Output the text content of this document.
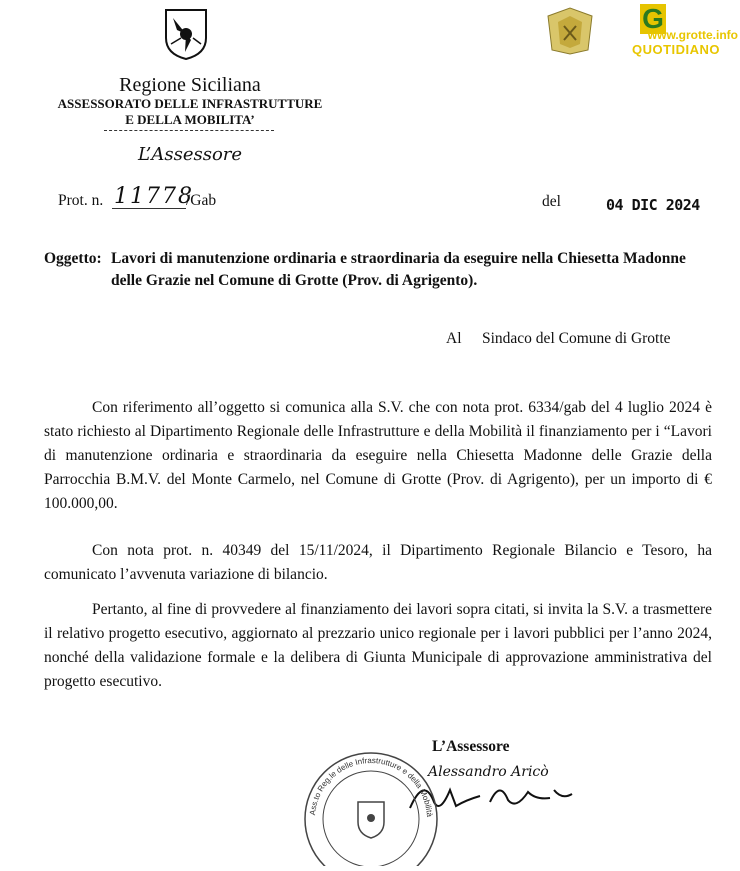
G
www.grotte.info
QUOTIDIANO
Regione Siciliana
ASSESSORATO DELLE INFRASTRUTTURE
E DELLA MOBILITA’
L’Assessore
Prot. n. 11778
/Gab	del	04 DIC 2024
Oggetto: Lavori di manutenzione ordinaria e straordinaria da eseguire nella Chiesetta Madonne
delle Grazie nel Comune di Grotte (Prov. di Agrigento).
Al Sindaco del Comune di Grotte
Con riferimento all’oggetto si comunica alla S.V. che con nota prot. 6334/gab del 4 luglio 2024 è stato richiesto al Dipartimento Regionale delle Infrastrutture e della Mobilità il finanziamento per i “Lavori di manutenzione ordinaria e straordinaria da eseguire nella Chiesetta Madonne delle Grazie della Parrocchia B.M.V. del Monte Carmelo, nel Comune di Grotte (Prov. di Agrigento), per un importo di € 100.000,00.
Con nota prot. n. 40349 del 15/11/2024, il Dipartimento Regionale Bilancio e Tesoro, ha comunicato l’avvenuta variazione di bilancio.
Pertanto, al fine di provvedere al finanziamento dei lavori sopra citati, si invita la S.V. a trasmettere il relativo progetto esecutivo, aggiornato al prezzario unico regionale per i lavori pubblici per l’anno 2024, nonché della validazione formale e la delibera di Giunta Municipale di approvazione amministrativa del progetto esecutivo.
L’Assessore
Alessandro Aricò
Ass.to Reg.le delle Infrastrutture e della Mobilità
